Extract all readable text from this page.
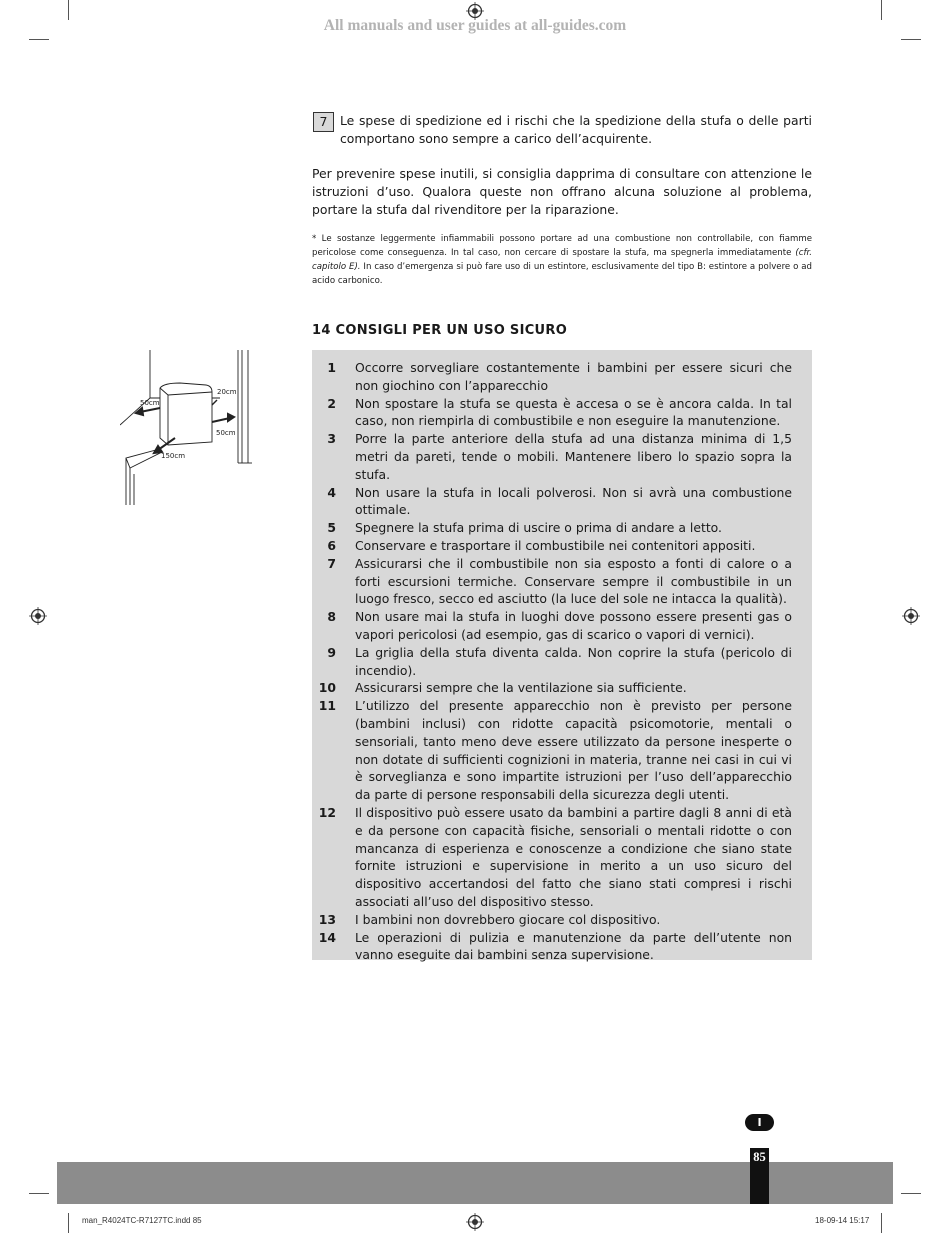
All manuals and user guides at all-guides.com
7	Le spese di spedizione ed i rischi che la spedizione della stufa o delle parti comportano sono sempre a carico dell’acquirente.
Per prevenire spese inutili, si consiglia dapprima di consultare con attenzione le istruzioni d’uso. Qualora queste non offrano alcuna soluzione al problema, portare la stufa dal rivenditore per la riparazione.
* Le sostanze leggermente infiammabili possono portare ad una combustione non controllabile, con fiamme pericolose come conseguenza. In tal caso, non cercare di spostare la stufa, ma spegnerla immediatamente (cfr. capitolo E). In caso d’emergenza si può fare uso di un estintore, esclusivamente del tipo B: estintore a polvere o ad acido carbonico.
14 CONSIGLI PER UN USO SICURO
50cm
20cm
50cm
150cm
1	Occorre sorvegliare costantemente i bambini per essere sicuri che non giochino con l’apparecchio
2	Non spostare la stufa se questa è accesa o se è ancora calda. In tal caso, non riempirla di combustibile e non eseguire la manutenzione.
3	Porre la parte anteriore della stufa ad una distanza minima di 1,5 metri da pareti, tende o mobili. Mantenere libero lo spazio sopra la stufa.
4	Non usare la stufa in locali polverosi. Non si avrà una combustione ottimale.
5	Spegnere la stufa prima di uscire o prima di andare a letto.
6	Conservare e trasportare il combustibile nei contenitori appositi.
7	Assicurarsi che il combustibile non sia esposto a fonti di calore o a forti escursioni termiche. Conservare sempre il combustibile in un luogo fresco, secco ed asciutto (la luce del sole ne intacca la qualità).
8	Non usare mai la stufa in luoghi dove possono essere presenti gas o vapori pericolosi (ad esempio, gas di scarico o vapori di vernici).
9	La griglia della stufa diventa calda. Non coprire la stufa (pericolo di incendio).
10	Assicurarsi sempre che la ventilazione sia sufficiente.
11	L’utilizzo del presente apparecchio non è previsto per persone (bambini inclusi) con ridotte capacità psicomotorie, mentali o sensoriali, tanto meno deve essere utilizzato da persone inesperte o non dotate di sufficienti cognizioni in materia, tranne nei casi in cui vi è sorveglianza e sono impartite istruzioni per l’uso dell’apparecchio da parte di persone responsabili della sicurezza degli utenti.
12	Il dispositivo può essere usato da bambini a partire dagli 8 anni di età e da persone con capacità fisiche, sensoriali o mentali ridotte o con mancanza di esperienza e conoscenze a condizione che siano state fornite istruzioni e supervisione in merito a un uso sicuro del dispositivo accertandosi del fatto che siano stati compresi i rischi associati all’uso del dispositivo stesso.
13	I bambini non dovrebbero giocare col dispositivo.
14	Le operazioni di pulizia e manutenzione da parte dell’utente non vanno eseguite dai bambini senza supervisione.
I
85
man_R4024TC-R7127TC.indd 85	18-09-14 15:17
